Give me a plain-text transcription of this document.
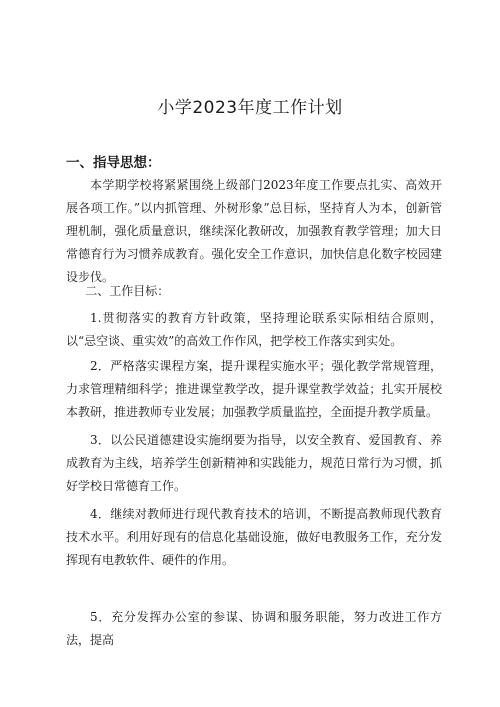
小学2023年度工作计划
一、指导思想：

本学期学校将紧紧围绕上级部门2023年度工作要点扎实、高效开展各项工作。”以内抓管理、外树形象”总目标，坚持育人为本，创新管理机制，强化质量意识，继续深化教研改，加强教育教学管理；加大日常德育行为习惯养成教育。强化安全工作意识，加快信息化数字校园建设步伐。

二、工作目标：

1.贯彻落实的教育方针政策，坚持理论联系实际相结合原则，以“忌空谈、重实效”的高效工作作风，把学校工作落实到实处。

2．严格落实课程方案，提升课程实施水平；强化教学常规管理，力求管理精细科学；推进课堂教学改，提升课堂教学效益；扎实开展校本教研，推进教师专业发展；加强教学质量监控，全面提升教学质量。

3．以公民道德建设实施纲要为指导，以安全教育、爱国教育、养成教育为主线，培养学生创新精神和实践能力，规范日常行为习惯，抓好学校日常德育工作。

4．继续对教师进行现代教育技术的培训，不断提高教师现代教育技术水平。利用好现有的信息化基础设施，做好电教服务工作，充分发挥现有电教软件、硬件的作用。

5．充分发挥办公室的参谋、协调和服务职能，努力改进工作方法，提高
